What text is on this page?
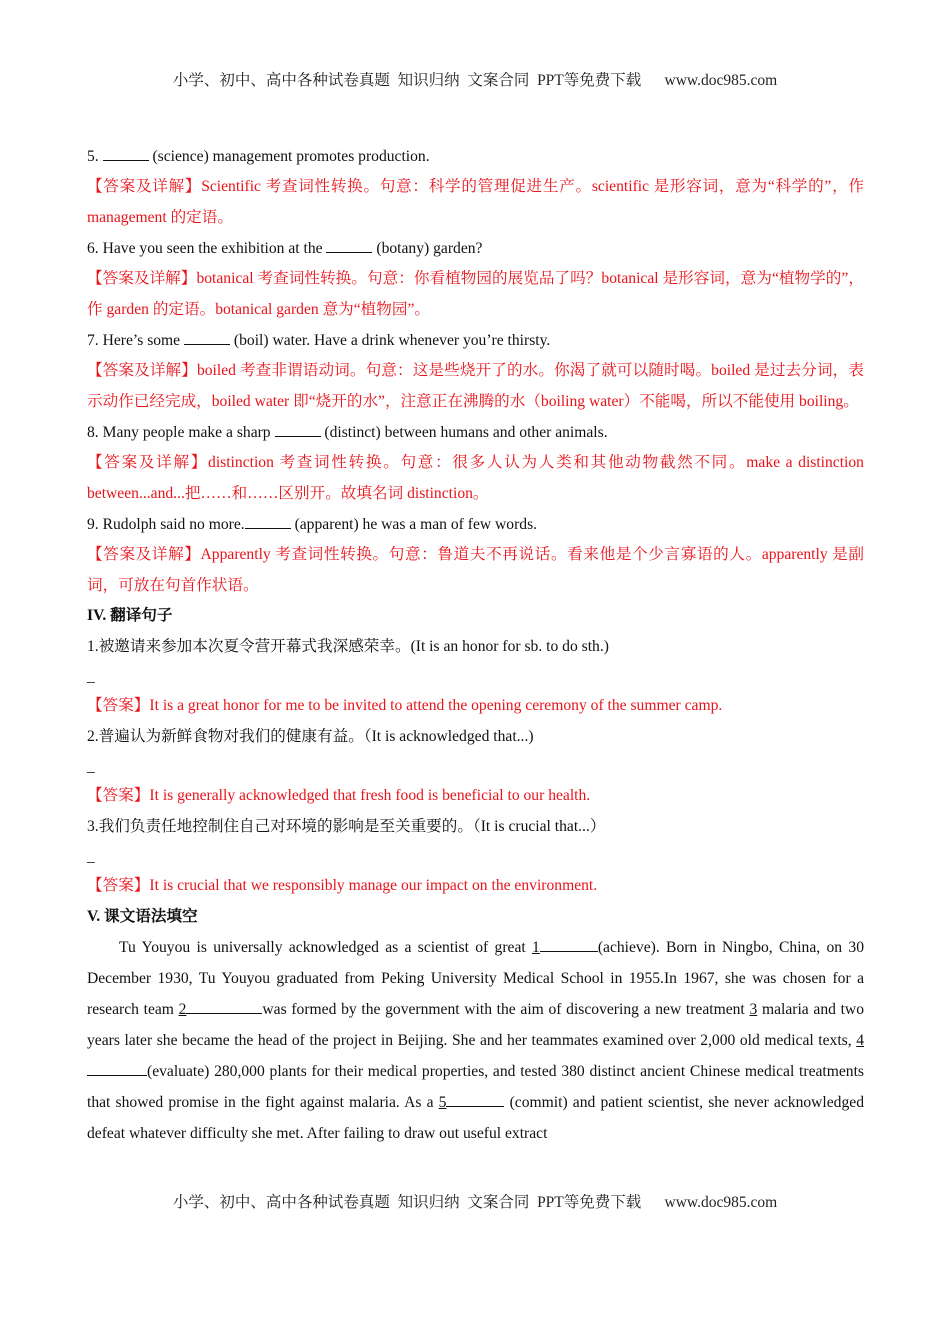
小学、初中、高中各种试卷真题  知识归纳  文案合同  PPT等免费下载      www.doc985.com
5.	(science) management promotes production.
【答案及详解】Scientific 考查词性转换。句意：科学的管理促进生产。scientific 是形容词，意为“科学的”，作 management 的定语。
6. Have you seen the exhibition at the	(botany) garden?
【答案及详解】botanical 考查词性转换。句意：你看植物园的展览品了吗？botanical 是形容词，意为“植物学的”，作 garden 的定语。botanical garden 意为“植物园”。
7. Here’s some	(boil) water. Have a drink whenever you’re thirsty.
【答案及详解】boiled 考查非谓语动词。句意：这是些烧开了的水。你渴了就可以随时喝。boiled 是过去分词，表示动作已经完成，boiled water 即“烧开的水”，注意正在沸腾的水（boiling water）不能喝，所以不能使用 boiling。
8. Many people make a sharp	(distinct) between humans and other animals.
【答案及详解】distinction 考查词性转换。句意：很多人认为人类和其他动物截然不同。make a distinction between...and...把……和……区别开。故填名词 distinction。
9. Rudolph said no more.	(apparent) he was a man of few words.
【答案及详解】Apparently 考查词性转换。句意：鲁道夫不再说话。看来他是个少言寡语的人。apparently 是副词，可放在句首作状语。
IV. 翻译句子
1.被邀请来参加本次夏令营开幕式我深感荣幸。(It is an honor for sb. to do sth.)
_
【答案】It is a great honor for me to be invited to attend the opening ceremony of the summer camp.
2.普遍认为新鲜食物对我们的健康有益。（It is acknowledged that...)
_
【答案】It is generally acknowledged that fresh food is beneficial to our health.
3.我们负责任地控制住自己对环境的影响是至关重要的。（It is crucial that...）
_
【答案】It is crucial that we responsibly manage our impact on the environment.
V. 课文语法填空
Tu Youyou is universally acknowledged as a scientist of great 1	(achieve). Born in Ningbo, China, on 30 December 1930, Tu Youyou graduated from Peking University Medical School in 1955.In 1967, she was chosen for a research team 2	was formed by the government with the aim of discovering a new treatment 3 malaria and two years later she became the head of the project in Beijing. She and her teammates examined over 2,000 old medical texts, 4(evaluate) 280,000 plants for their medical properties, and tested 380 distinct ancient Chinese medical treatments that showed promise in the fight against malaria. As a 5	(commit) and patient scientist, she never acknowledged defeat whatever difficulty she met. After failing to draw out useful extract
小学、初中、高中各种试卷真题  知识归纳  文案合同  PPT等免费下载      www.doc985.com
